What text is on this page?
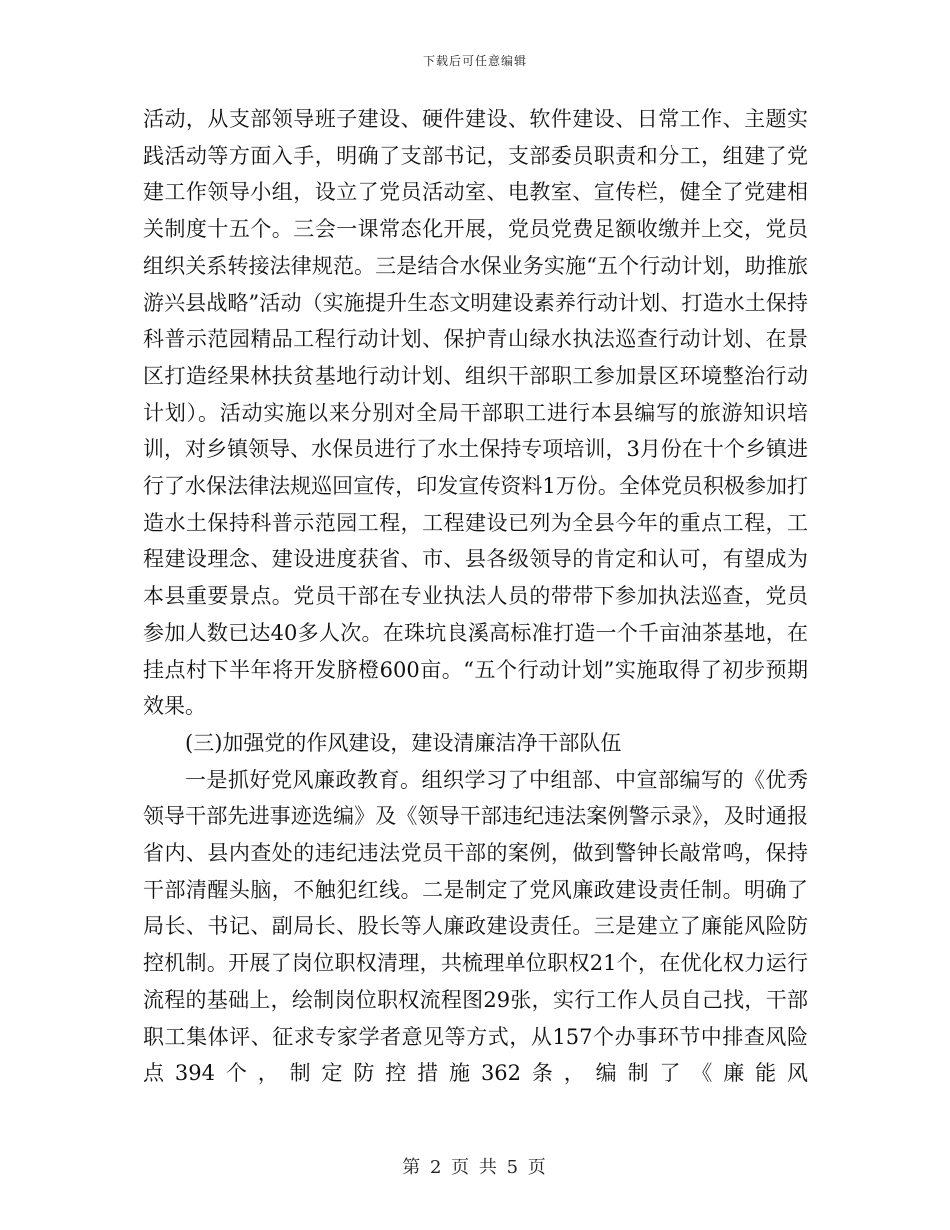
下载后可任意编辑

活动，从支部领导班子建设、硬件建设、软件建设、日常工作、主题实践活动等方面入手，明确了支部书记，支部委员职责和分工，组建了党建工作领导小组，设立了党员活动室、电教室、宣传栏，健全了党建相关制度十五个。三会一课常态化开展，党员党费足额收缴并上交，党员组织关系转接法律规范。三是结合水保业务实施“五个行动计划，助推旅游兴县战略”活动（实施提升生态文明建设素养行动计划、打造水土保持科普示范园精品工程行动计划、保护青山绿水执法巡查行动计划、在景区打造经果林扶贫基地行动计划、组织干部职工参加景区环境整治行动计划）。活动实施以来分别对全局干部职工进行本县编写的旅游知识培训，对乡镇领导、水保员进行了水土保持专项培训，3月份在十个乡镇进行了水保法律法规巡回宣传，印发宣传资料1万份。全体党员积极参加打造水土保持科普示范园工程，工程建设已列为全县今年的重点工程，工程建设理念、建设进度获省、市、县各级领导的肯定和认可，有望成为本县重要景点。党员干部在专业执法人员的带带下参加执法巡查，党员参加人数已达40多人次。在珠坑良溪高标准打造一个千亩油茶基地，在挂点村下半年将开发脐橙600亩。“五个行动计划”实施取得了初步预期效果。

(三)加强党的作风建设，建设清廉洁净干部队伍

一是抓好党风廉政教育。组织学习了中组部、中宣部编写的《优秀领导干部先进事迹选编》及《领导干部违纪违法案例警示录》，及时通报省内、县内查处的违纪违法党员干部的案例，做到警钟长敲常鸣，保持干部清醒头脑，不触犯红线。二是制定了党风廉政建设责任制。明确了局长、书记、副局长、股长等人廉政建设责任。三是建立了廉能风险防控机制。开展了岗位职权清理，共梳理单位职权21个，在优化权力运行流程的基础上，绘制岗位职权流程图29张，实行工作人员自己找，干部职工集体评、征求专家学者意见等方式，从157个办事环节中排查风险点394个，制定防控措施362条，编制了《廉能风

第 2 页 共 5 页
